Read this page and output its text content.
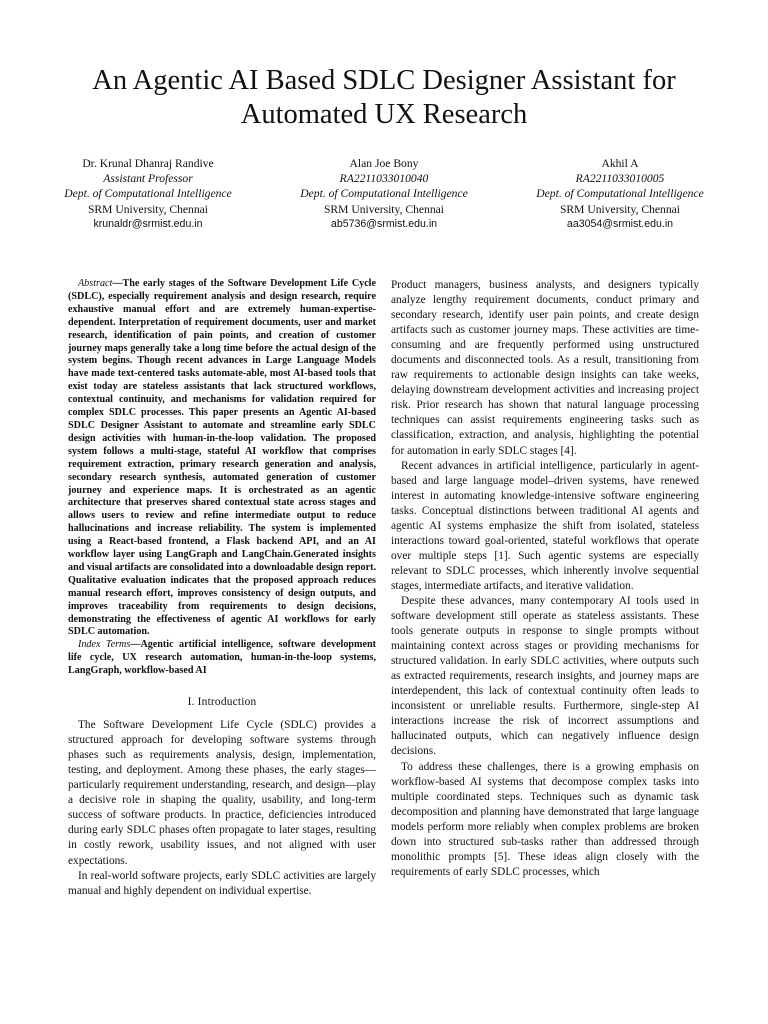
An Agentic AI Based SDLC Designer Assistant for Automated UX Research
Dr. Krunal Dhanraj Randive
Assistant Professor
Dept. of Computational Intelligence
SRM University, Chennai
krunaldr@srmist.edu.in
Alan Joe Bony
RA2211033010040
Dept. of Computational Intelligence
SRM University, Chennai
ab5736@srmist.edu.in
Akhil A
RA2211033010005
Dept. of Computational Intelligence
SRM University, Chennai
aa3054@srmist.edu.in

Abstract—The early stages of the Software Development Life Cycle (SDLC), especially requirement analysis and design research, require exhaustive manual effort and are extremely human-expertise-dependent. Interpretation of requirement documents, user and market research, identification of pain points, and creation of customer journey maps generally take a long time before the actual design of the system begins. Though recent advances in Large Language Models have made text-centered tasks automate-able, most AI-based tools that exist today are stateless assistants that lack structured workflows, contextual continuity, and mechanisms for validation required for complex SDLC processes. This paper presents an Agentic AI-based SDLC Designer Assistant to automate and streamline early SDLC design activities with human-in-the-loop validation. The proposed system follows a multi-stage, stateful AI workflow that comprises requirement extraction, primary research generation and analysis, secondary research synthesis, automated generation of customer journey and experience maps. It is orchestrated as an agentic architecture that preserves shared contextual state across stages and allows users to review and refine intermediate output to reduce hallucinations and increase reliability. The system is implemented using a React-based frontend, a Flask backend API, and an AI workflow layer using LangGraph and LangChain.Generated insights and visual artifacts are consolidated into a downloadable design report. Qualitative evaluation indicates that the proposed approach reduces manual research effort, improves consistency of design outputs, and improves traceability from requirements to design decisions, demonstrating the effectiveness of agentic AI workflows for early SDLC automation.

Index Terms—Agentic artificial intelligence, software development life cycle, UX research automation, human-in-the-loop systems, LangGraph, workflow-based AI

I. Introduction

The Software Development Life Cycle (SDLC) provides a structured approach for developing software systems through phases such as requirements analysis, design, implementation, testing, and deployment. Among these phases, the early stages—particularly requirement understanding, research, and design—play a decisive role in shaping the quality, usability, and long-term success of software products. In practice, deficiencies introduced during early SDLC phases often propagate to later stages, resulting in costly rework, usability issues, and not aligned with user expectations.

In real-world software projects, early SDLC activities are largely manual and highly dependent on individual expertise.

Product managers, business analysts, and designers typically analyze lengthy requirement documents, conduct primary and secondary research, identify user pain points, and create design artifacts such as customer journey maps. These activities are time-consuming and are frequently performed using unstructured documents and disconnected tools. As a result, transitioning from raw requirements to actionable design insights can take weeks, delaying downstream development activities and increasing project risk. Prior research has shown that natural language processing techniques can assist requirements engineering tasks such as classification, extraction, and analysis, highlighting the potential for automation in early SDLC stages [4].

Recent advances in artificial intelligence, particularly in agent-based and large language model–driven systems, have renewed interest in automating knowledge-intensive software engineering tasks. Conceptual distinctions between traditional AI agents and agentic AI systems emphasize the shift from isolated, stateless interactions toward goal-oriented, stateful workflows that operate over multiple steps [1]. Such agentic systems are especially relevant to SDLC processes, which inherently involve sequential stages, intermediate artifacts, and iterative validation.

Despite these advances, many contemporary AI tools used in software development still operate as stateless assistants. These tools generate outputs in response to single prompts without maintaining context across stages or providing mechanisms for structured validation. In early SDLC activities, where outputs such as extracted requirements, research insights, and journey maps are interdependent, this lack of contextual continuity often leads to inconsistent or unreliable results. Furthermore, single-step AI interactions increase the risk of incorrect assumptions and hallucinated outputs, which can negatively influence design decisions.

To address these challenges, there is a growing emphasis on workflow-based AI systems that decompose complex tasks into multiple coordinated steps. Techniques such as dynamic task decomposition and planning have demonstrated that large language models perform more reliably when complex problems are broken down into structured sub-tasks rather than addressed through monolithic prompts [5]. These ideas align closely with the requirements of early SDLC processes, which
